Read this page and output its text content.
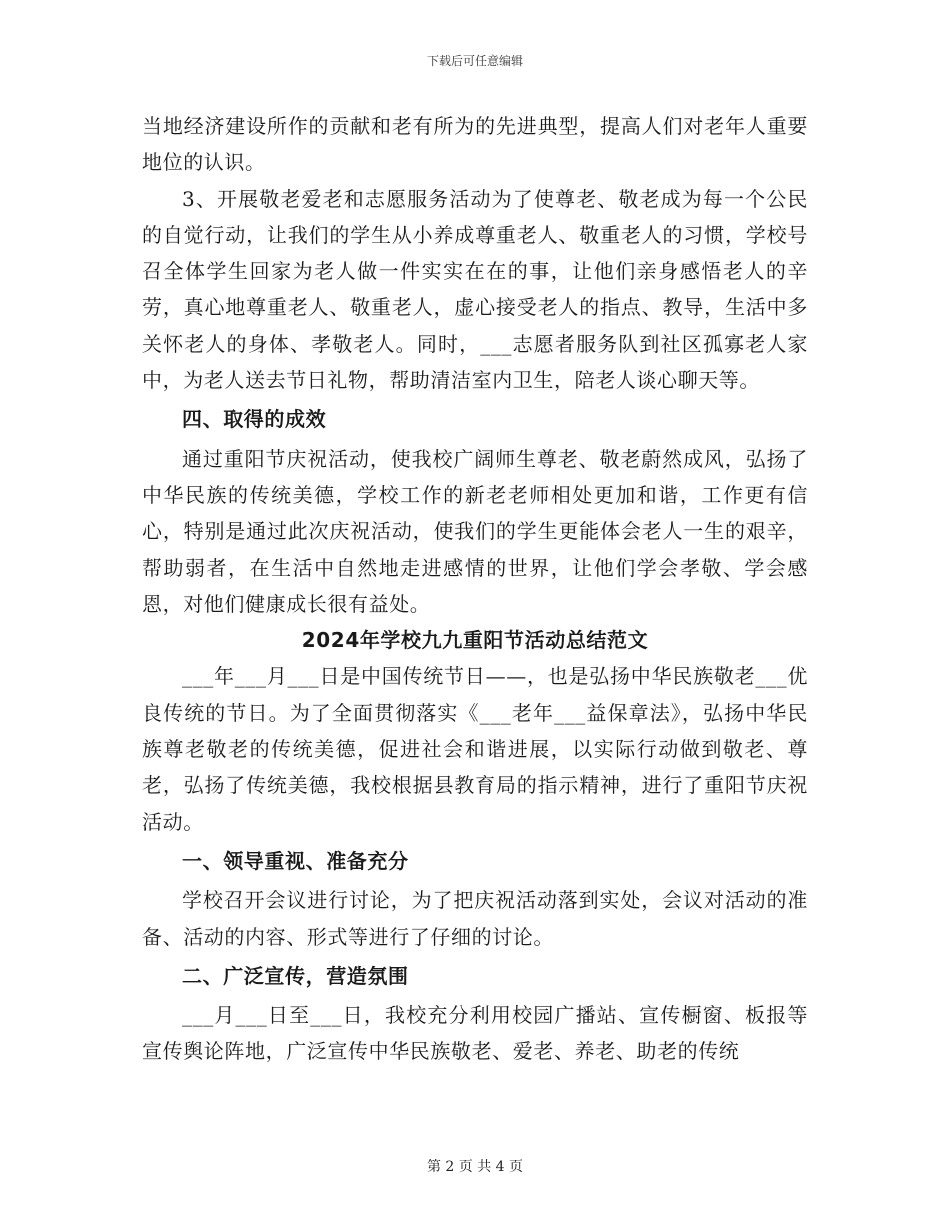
下载后可任意编辑

当地经济建设所作的贡献和老有所为的先进典型，提高人们对老年人重要地位的认识。

3、开展敬老爱老和志愿服务活动为了使尊老、敬老成为每一个公民的自觉行动，让我们的学生从小养成尊重老人、敬重老人的习惯，学校号召全体学生回家为老人做一件实实在在的事，让他们亲身感悟老人的辛劳，真心地尊重老人、敬重老人，虚心接受老人的指点、教导，生活中多关怀老人的身体、孝敬老人。同时，___志愿者服务队到社区孤寡老人家中，为老人送去节日礼物，帮助清洁室内卫生，陪老人谈心聊天等。

四、取得的成效

通过重阳节庆祝活动，使我校广阔师生尊老、敬老蔚然成风，弘扬了中华民族的传统美德，学校工作的新老老师相处更加和谐，工作更有信心，特别是通过此次庆祝活动，使我们的学生更能体会老人一生的艰辛，帮助弱者，在生活中自然地走进感情的世界，让他们学会孝敬、学会感恩，对他们健康成长很有益处。

2024年学校九九重阳节活动总结范文

___年___月___日是中国传统节日——，也是弘扬中华民族敬老___优良传统的节日。为了全面贯彻落实《___老年___益保章法》，弘扬中华民族尊老敬老的传统美德，促进社会和谐进展，以实际行动做到敬老、尊老，弘扬了传统美德，我校根据县教育局的指示精神，进行了重阳节庆祝活动。

一、领导重视、准备充分

学校召开会议进行讨论，为了把庆祝活动落到实处，会议对活动的准备、活动的内容、形式等进行了仔细的讨论。

二、广泛宣传，营造氛围

___月___日至___日，我校充分利用校园广播站、宣传橱窗、板报等宣传舆论阵地，广泛宣传中华民族敬老、爱老、养老、助老的传统

第 2 页 共 4 页
